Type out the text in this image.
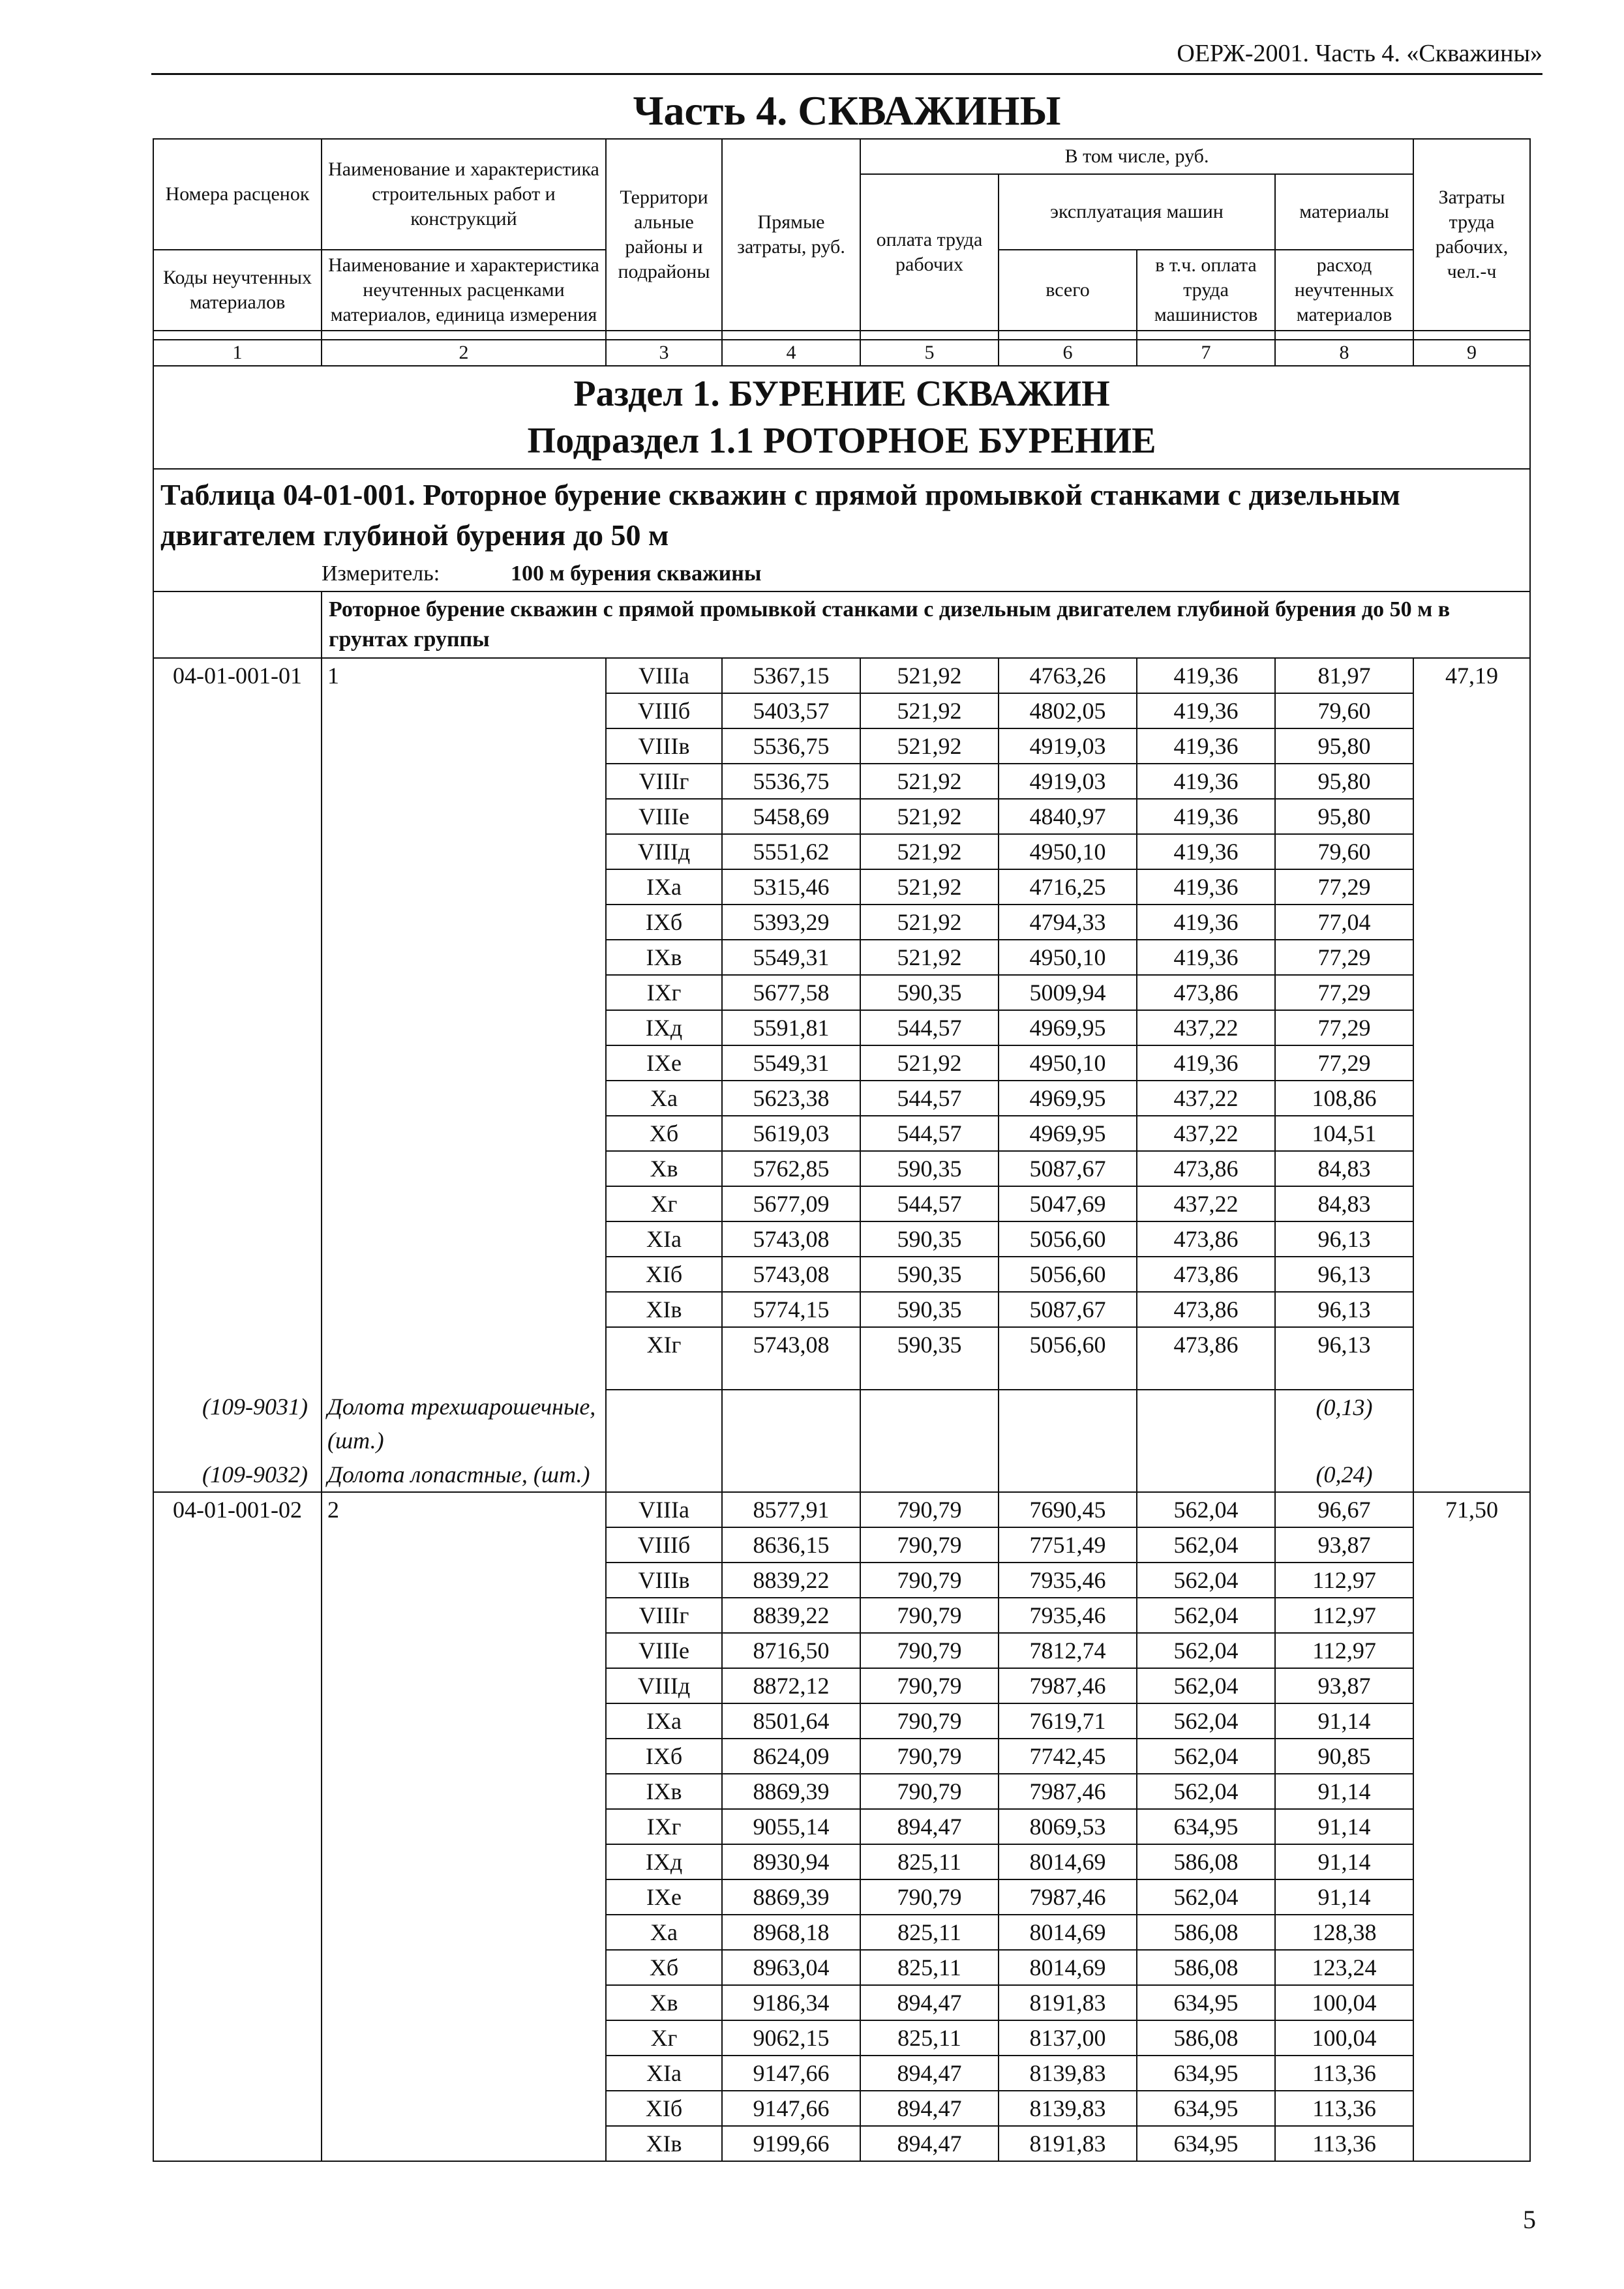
ОЕРЖ-2001. Часть 4. «Скважины»
Часть 4. СКВАЖИНЫ
Номера расценок	Наименование и характеристика строительных работ и конструкций	Территори альные районы и подрайоны	Прямые затраты, руб.	В том числе, руб.				Затраты труда рабочих, чел.-ч
				оплата труда рабочих	эксплуатация машин		материалы	
Коды неучтенных материалов	Наименование и характеристика неучтенных расценками материалов, единица измерения				всего	в т.ч. оплата труда машинистов	расход неучтенных материалов	

1	2	3	4	5	6	7	8	9

Раздел 1. БУРЕНИЕ СКВАЖИН
Подраздел 1.1 РОТОРНОЕ БУРЕНИЕ								

Таблица 04-01-001. Роторное бурение скважин с прямой промывкой станками с дизельным двигателем глубиной бурения до 50 м								
	Измеритель: 100 м бурения скважины							
	Роторное бурение скважин с прямой промывкой станками с дизельным двигателем глубиной бурения до 50 м в грунтах группы							
04-01-001-01	1	VIIIа	5367,15	521,92	4763,26	419,36	81,97	47,19
		VIIIб	5403,57	521,92	4802,05	419,36	79,60	
		VIIIв	5536,75	521,92	4919,03	419,36	95,80	
		VIIIг	5536,75	521,92	4919,03	419,36	95,80	
		VIIIе	5458,69	521,92	4840,97	419,36	95,80	
		VIIIд	5551,62	521,92	4950,10	419,36	79,60	
		IXа	5315,46	521,92	4716,25	419,36	77,29	
		IXб	5393,29	521,92	4794,33	419,36	77,04	
		IXв	5549,31	521,92	4950,10	419,36	77,29	
		IXг	5677,58	590,35	5009,94	473,86	77,29	
		IXд	5591,81	544,57	4969,95	437,22	77,29	
		IXе	5549,31	521,92	4950,10	419,36	77,29	
		Xа	5623,38	544,57	4969,95	437,22	108,86	
		Xб	5619,03	544,57	4969,95	437,22	104,51	
		Xв	5762,85	590,35	5087,67	473,86	84,83	
		Xг	5677,09	544,57	5047,69	437,22	84,83	
		XIа	5743,08	590,35	5056,60	473,86	96,13	
		XIб	5743,08	590,35	5056,60	473,86	96,13	
		XIв	5774,15	590,35	5087,67	473,86	96,13	
		XIг	5743,08	590,35	5056,60	473,86	96,13	
(109-9031)	Долота трехшарошечные, (шт.)						(0,13)	
(109-9032)	Долота лопастные, (шт.)						(0,24)	
04-01-001-02	2	VIIIа	8577,91	790,79	7690,45	562,04	96,67	71,50
		VIIIб	8636,15	790,79	7751,49	562,04	93,87	
		VIIIв	8839,22	790,79	7935,46	562,04	112,97	
		VIIIг	8839,22	790,79	7935,46	562,04	112,97	
		VIIIе	8716,50	790,79	7812,74	562,04	112,97	
		VIIIд	8872,12	790,79	7987,46	562,04	93,87	
		IXа	8501,64	790,79	7619,71	562,04	91,14	
		IXб	8624,09	790,79	7742,45	562,04	90,85	
		IXв	8869,39	790,79	7987,46	562,04	91,14	
		IXг	9055,14	894,47	8069,53	634,95	91,14	
		IXд	8930,94	825,11	8014,69	586,08	91,14	
		IXе	8869,39	790,79	7987,46	562,04	91,14	
		Xа	8968,18	825,11	8014,69	586,08	128,38	
		Xб	8963,04	825,11	8014,69	586,08	123,24	
		Xв	9186,34	894,47	8191,83	634,95	100,04	
		Xг	9062,15	825,11	8137,00	586,08	100,04	
		XIа	9147,66	894,47	8139,83	634,95	113,36	
		XIб	9147,66	894,47	8139,83	634,95	113,36	
		XIв	9199,66	894,47	8191,83	634,95	113,36	
5
